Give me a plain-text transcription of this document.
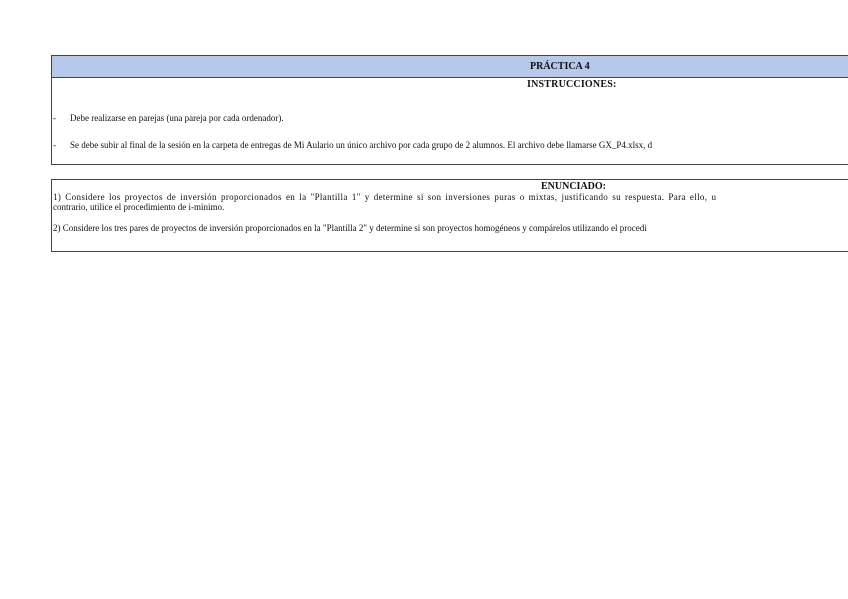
PRÁCTICA 4
INSTRUCCIONES:
- Debe realizarse en parejas (una pareja por cada ordenador).
- Se debe subir al final de la sesión en la carpeta de entregas de Mi Aulario un único archivo por cada grupo de 2 alumnos. El archivo debe llamarse GX_P4.xlsx, d
ENUNCIADO:
1) Considere los proyectos de inversión proporcionados en la "Plantilla 1" y determine si son inversiones puras o mixtas, justificando su respuesta. Para ello, u
contrario, utilice el procedimiento de i-mínimo.
2) Considere los tres pares de proyectos de inversión proporcionados en la "Plantilla 2" y determine si son proyectos homogéneos y compárelos utilizando el procedi
